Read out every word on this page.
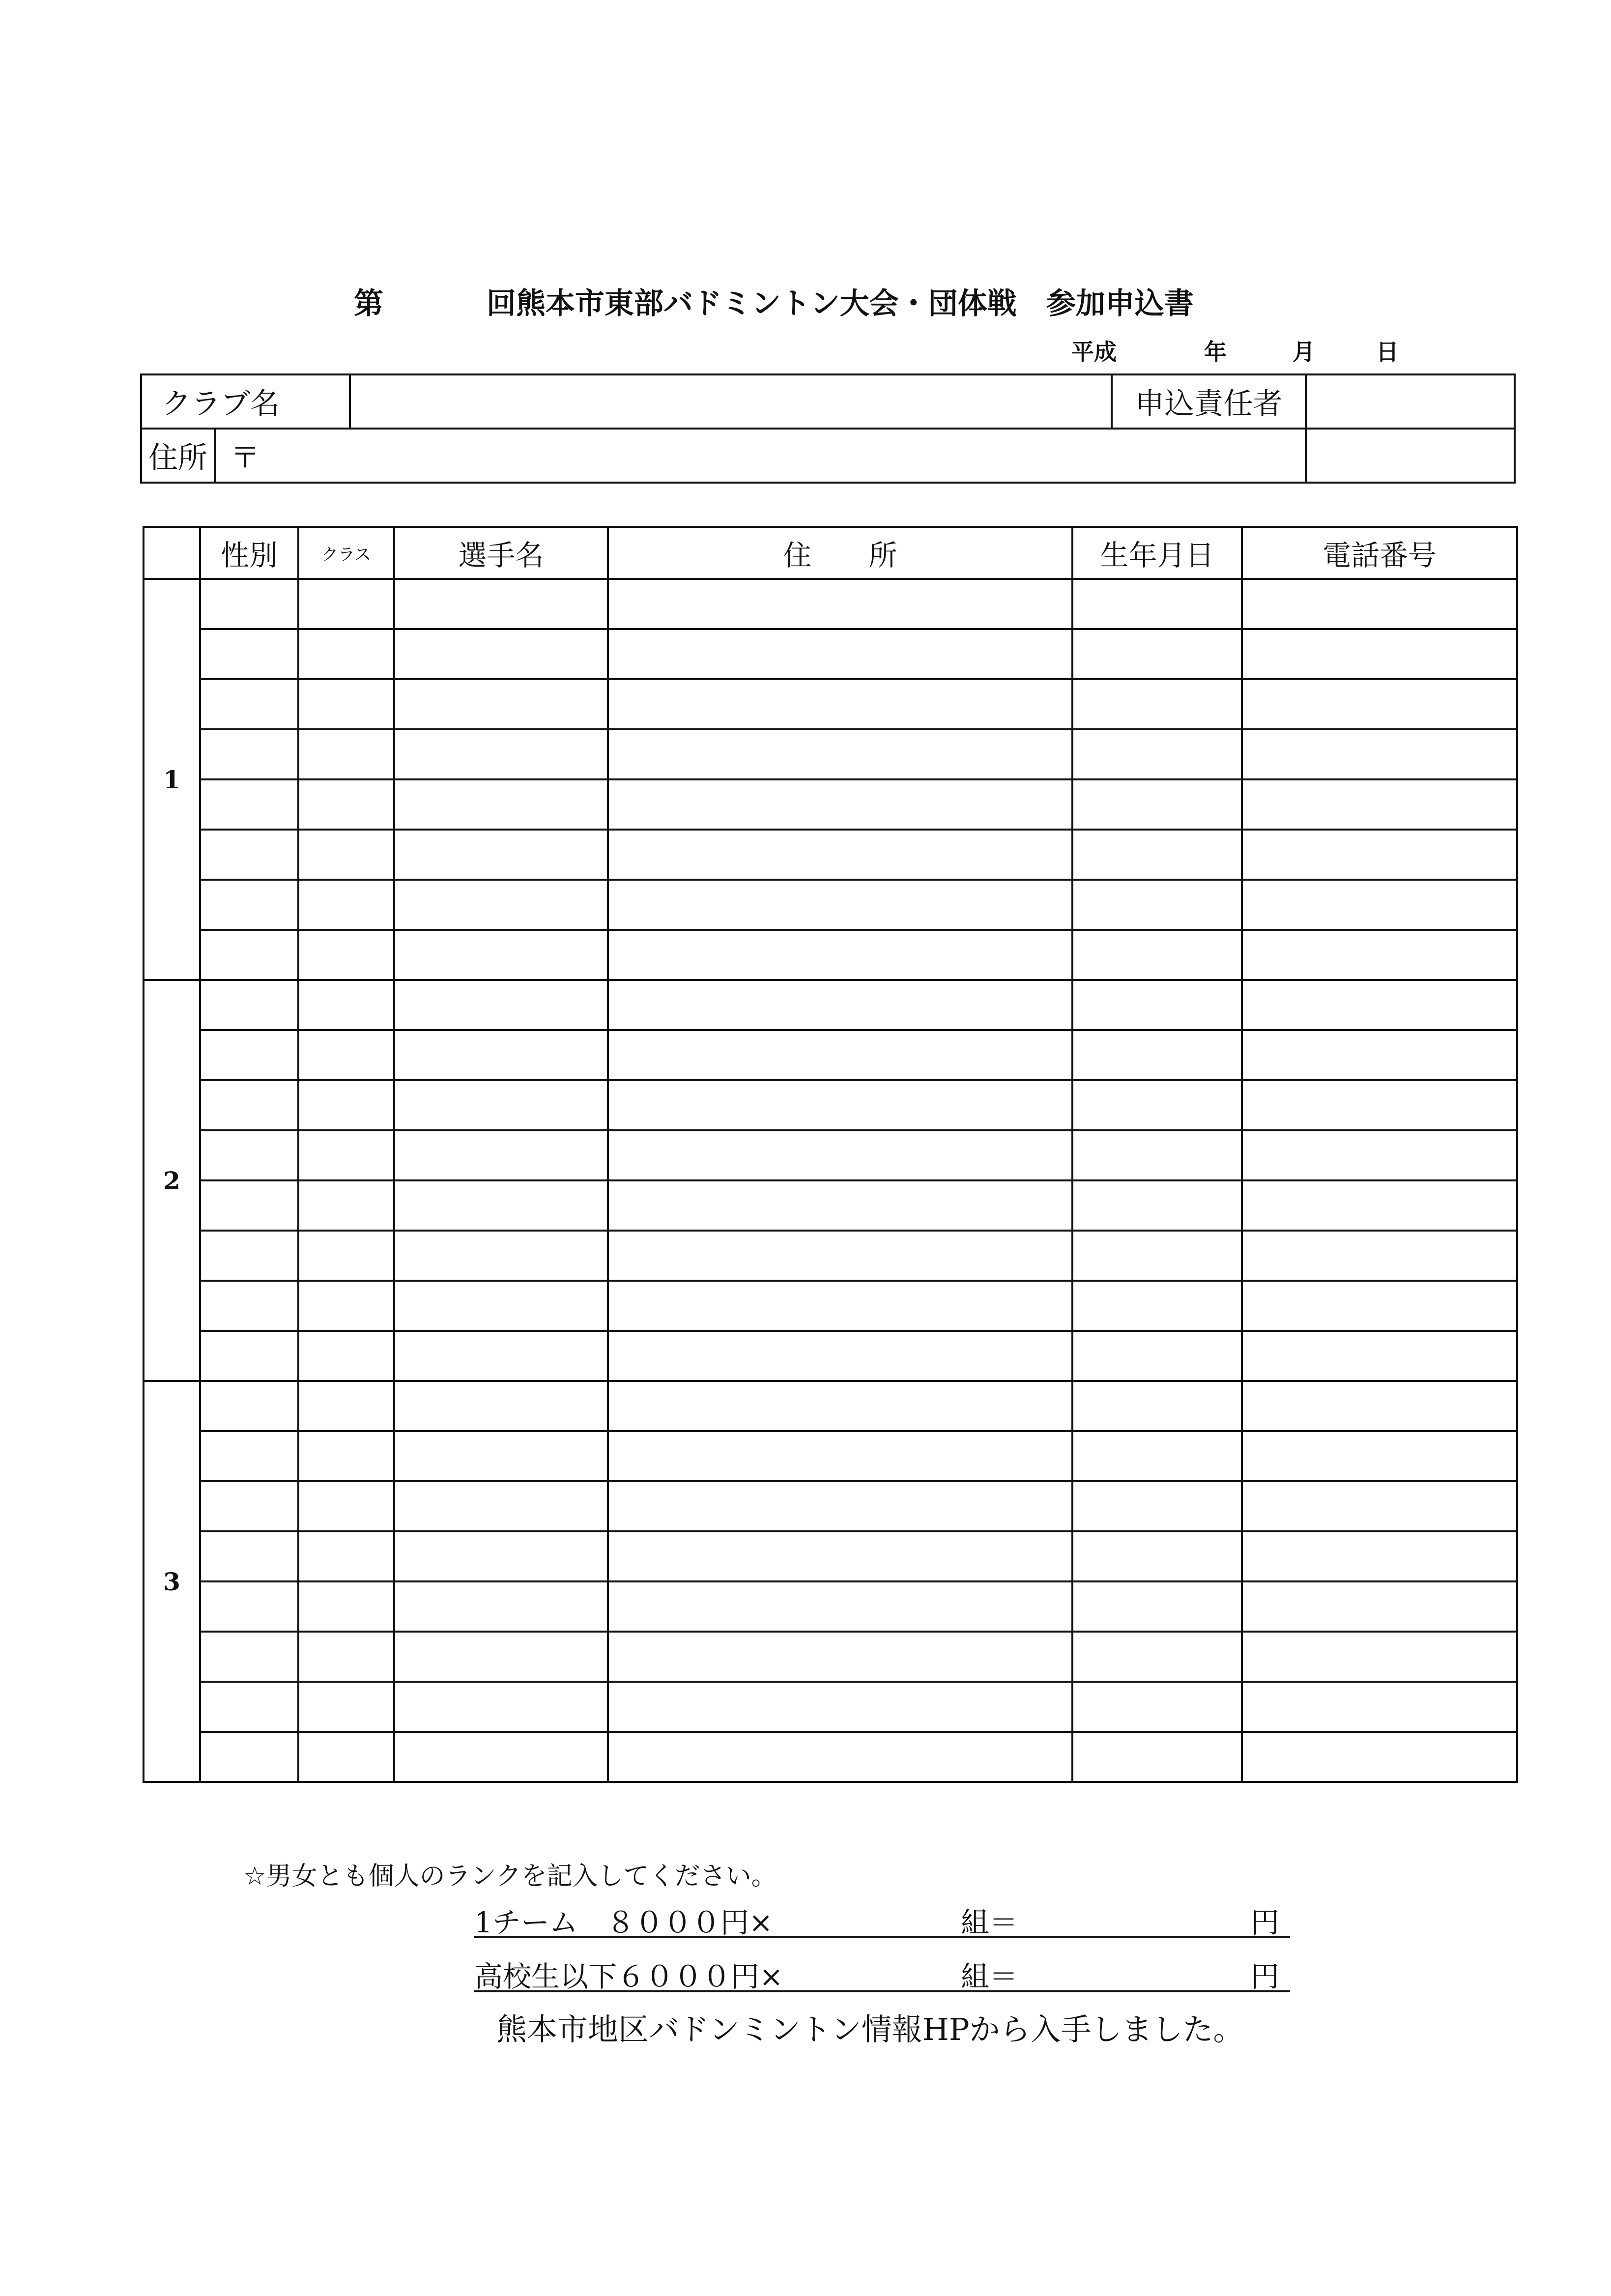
第	回熊本市東部バドミントン大会・団体戦　参加申込書
平成	年	月	日
クラブ名			申込責任者	
住所	〒			
	性別	クラス	選手名	住　　所	生年月日	電話番号
1						

2						

3						

☆男女とも個人のランクを記入してください。
1チーム　８０００円×	組＝	円
高校生以下６０００円×	組＝	円
熊本市地区バドンミントン情報HPから入手しました。
